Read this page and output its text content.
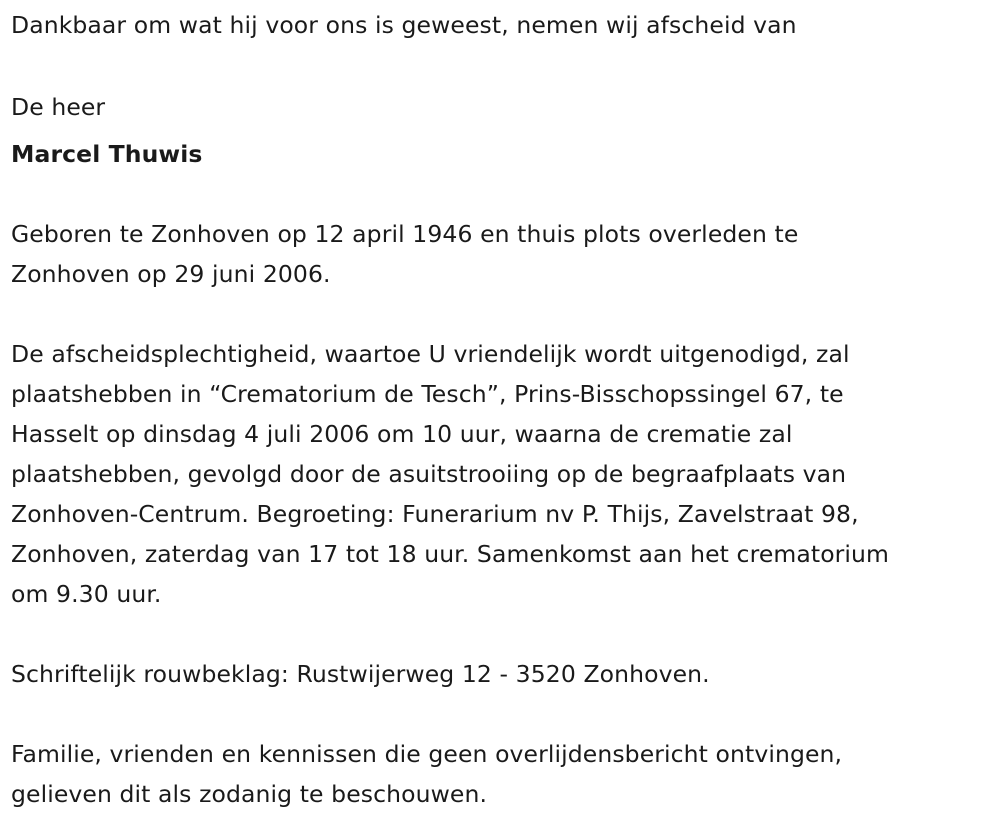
Dankbaar om wat hij voor ons is geweest, nemen wij afscheid van
De heer
Marcel Thuwis
Geboren te Zonhoven op 12 april 1946 en thuis plots overleden te
Zonhoven op 29 juni 2006.
De afscheidsplechtigheid, waartoe U vriendelijk wordt uitgenodigd, zal
plaatshebben in “Crematorium de Tesch”, Prins-Bisschopssingel 67, te
Hasselt op dinsdag 4 juli 2006 om 10 uur, waarna de crematie zal
plaatshebben, gevolgd door de asuitstrooiing op de begraafplaats van
Zonhoven-Centrum. Begroeting: Funerarium nv P. Thijs, Zavelstraat 98,
Zonhoven, zaterdag van 17 tot 18 uur. Samenkomst aan het crematorium
om 9.30 uur.
Schriftelijk rouwbeklag: Rustwijerweg 12 - 3520 Zonhoven.
Familie, vrienden en kennissen die geen overlijdensbericht ontvingen,
gelieven dit als zodanig te beschouwen.
